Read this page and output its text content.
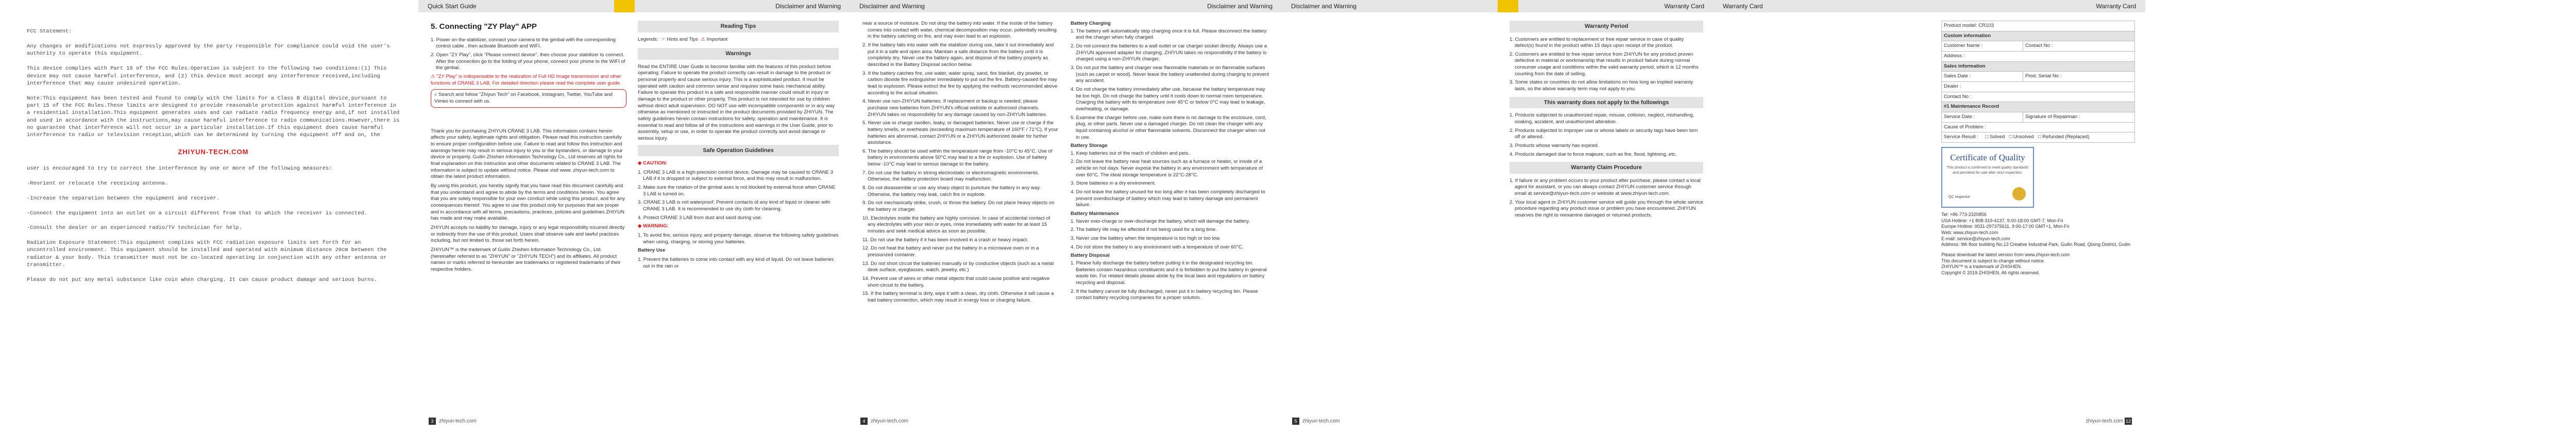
FCC Statement:

Any changes or modifications not expressly approved by the party responsible for compliance could void the user's authority to operate this equipment.

This device complies with Part 15 of the FCC Rules.Operation is subject to the following two conditions:(1) This device may not cause harmful interference, and (2) this device must accept any interference received,including interference that may cause undesired operation.

Note:This equipment has been tested and found to comply with the limits for a Class B digital device,pursuant to part 15 of the FCC Rules.These limits are designed to provide reasonable protection against harmful interference in a residential installation.This equipment generates uses and can radiate radio frequency energy and,if not installed and used in accordance with the instructions,may cause harmful interference to radio communications.However,there is no guarantee that interference will not occur in a particular installation.If this equipment does cause harmful interference to radio or television reception,which can be determined by turning the equipment off and on, the

ZHIYUN-TECH.COM

user is encouraged to try to correct the interference by one or more of the following measures:

-Reorient or relocate the receiving antenna.

-Increase the separation between the equipment and receiver.

-Connect the equipment into an outlet on a circuit different from that to which the receiver is connected.

-Consult the dealer or an experienced radio/TV technician for help.

Radiation Exposure Statement:This equipment complies with FCC radiation exposure limits set forth for an uncontrolled environment. This equipment should be installed and operated with minimum distance 20cm between the radiator & your body. This transmitter must not be co-located operating in conjunction with any other antenna or transmitter.

Please do not put any metal substance like coin when charging. It can cause product damage and serious burns.

Quick Start Guide	Disclaimer and Warning
5. Connecting "ZY Play" APP
1. Power on the stabilizer, connect your camera to the gimbal with the corresponding control cable , then activate Bluetooth and WIFI.
2. Open "ZY Play", click "Please connect device", then choose your stabilizer to connect. After the connection go to the folding of your phone, connect your phone to the WIFI of the gimbal.

⚠ "ZY Play" is indispensable to the realization of Full HD Image transmission and other functions of CRANE 3 LAB. For detailed direction please read the complete user guide.

⌕ Search and follow "Zhiyun Tech" on Facebook, Instagram, Twitter, YouTube and Vimeo to connect with us.

Thank you for purchasing ZHIYUN CRANE 3 LAB. This information contains herein affects your safety, legitimate rights and obligation. Please read this instruction carefully to ensure proper configuration before use. Failure to read and follow this instruction and warnings herein may result in serious injury to you or the bystanders, or damage to your device or property. Guilin Zhishen Information Technology Co., Ltd reserves all rights for final explanation on this instruction and other documents related to CRANE 3 LAB. The information is subject to update without notice. Please visit www. zhiyun-tech.com to obtain the latest product information.

By using this product, you hereby signify that you have read this document carefully and that you understand and agree to abide by the terms and conditions herein. You agree that you are solely responsible for your own conduct while using this product, and for any consequences thereof. You agree to use this product only for purposes that are proper and in accordance with all terms, precautions, practices, policies and guidelines ZHIYUN has made and may make available.

ZHIYUN accepts no liability for damage, injury or any legal responsibility incurred directly or indirectly from the use of this product. Users shall observe safe and lawful practices including, but not limited to, those set forth herein.

ZHIYUN™ is the trademark of Guilin Zhishen Information Technology Co., Ltd. (hereinafter referred to as "ZHIYUN" or "ZHIYUN TECH") and its affiliates. All product names or marks referred to hereunder are trademarks or registered trademarks of their respective holders.

Reading Tips
Legends: ☞ Hints and Tips ⚠ Important
Warnings

Read the ENTIRE User Guide to become familiar with the features of this product before operating. Failure to operate the product correctly can result in damage to the product or personal property and cause serious injury. This is a sophisticated product. It must be operated with caution and common sense and requires some basic mechanical ability. Failure to operate this product in a safe and responsible manner could result in injury or damage to the product or other property. This product is not intended for use by children without direct adult supervision. DO NOT use with incompatible components or in any way otherwise as mentioned or instructed in the product documents provided by ZHIYUN. The safety guidelines herein contain instructions for safety, operation and maintenance. It is essential to read and follow all of the instructions and warnings in the User Guide, prior to assembly, setup or use, in order to operate the product correctly and avoid damage or serious injury.

Safe Operation Guidelines

◆ CAUTION:

1. CRANE 3 LAB is a high-precision control device. Damage may be caused to CRANE 3 LAB if it is dropped or subject to external force, and this may result in malfunction.
2. Make sure the rotation of the gimbal axes is not blocked by external force when CRANE 3 LAB is turned on.
3. CRANE 3 LAB is not waterproof. Prevent contacts of any kind of liquid or cleaner with CRANE 3 LAB. It is recommended to use dry cloth for cleaning.
4. Protect CRANE 3 LAB from dust and sand during use.

◆ WARNING:

1. To avoid fire, serious injury, and property damage, observe the following safety guidelines when using, charging, or storing your batteries.

Battery Use

1. Prevent the batteries to come into contact with any kind of liquid. Do not leave batteries out in the rain or
3 zhiyun-tech.com
Disclaimer and Warning	Disclaimer and Warning
near a source of moisture. Do not drop the battery into water. If the inside of the battery comes into contact with water, chemical decomposition may occur, potentially resulting in the battery catching on fire, and may even lead to an explosion.
2. If the battery falls into water with the stabilizer during use, take it out immediately and put it in a safe and open area. Maintain a safe distance from the battery until it is completely dry. Never use the battery again, and dispose of the battery properly as described in the Battery Disposal section below.
3. If the battery catches fire, use water, water spray, sand, fire blanket, dry powder, or carbon dioxide fire extinguisher immediately to put out the fire. Battery-caused fire may lead to explosion. Please extinct the fire by applying the methods recommended above according to the actual situation.
4. Never use non-ZHIYUN batteries. If replacement or backup is needed, please purchase new batteries from ZHIYUN's official website or authorized channels. ZHIYUN takes no responsibility for any damage caused by non-ZHIYUN batteries.
5. Never use or charge swollen, leaky, or damaged batteries. Never use or charge if the battery smells, or overheats (exceeding maximum temperature of 160°F / 71°C). If your batteries are abnormal, contact ZHIYUN or a ZHIYUN authorized dealer for further assistance.
6. The battery should be used within the temperature range from -10°C to 45°C. Use of battery in environments above 50°C may lead to a fire or explosion. Use of battery below -10°C may lead to serious damage to the battery.
7. Do not use the battery in strong electrostatic or electromagnetic environments. Otherwise, the battery protection board may malfunction.
8. Do not disassemble or use any sharp object to puncture the battery in any way. Otherwise, the battery may leak, catch fire or explode.
9. Do not mechanically strike, crush, or throw the battery. Do not place heavy objects on the battery or charger.
10. Electrolytes inside the battery are highly corrosive. In case of accidental contact of any electrolytes with your skin or eyes, rinse immediately with water for at least 15 minutes and seek medical advice as soon as possible.
11. Do not use the battery if it has been involved in a crash or heavy impact.
12. Do not heat the battery and never put the battery in a microwave oven or in a pressurized container.
13. Do not short circuit the batteries manually or by conductive objects (such as a metal desk surface, eyeglasses, watch, jewelry, etc.)
14. Prevent use of wires or other metal objects that could cause positive and negative short-circuit to the battery.
15. If the battery terminal is dirty, wipe it with a clean, dry cloth. Otherwise it will cause a bad battery connection, which may result in energy loss or charging failure.

Battery Charging

1. The battery will automatically stop charging once it is full. Please disconnect the battery and the charger when fully charged.
2. Do not connect the batteries to a wall outlet or car charger socket directly. Always use a ZHIYUN approved adapter for charging. ZHIYUN takes no responsibility if the battery is charged using a non-ZHIYUN charger.
3. Do not put the battery and charger near flammable materials or on flammable surfaces (such as carpet or wood). Never leave the battery unattended during charging to prevent any accident.
4. Do not charge the battery immediately after use, because the battery temperature may be too high. Do not charge the battery until it cools down to normal room temperature. Charging the battery with its temperature over 45°C or below 0°C may lead to leakage, overheating, or damage.
5. Examine the charger before use, make sure there is no damage to the enclosure, cord, plug, or other parts. Never use a damaged charger. Do not clean the charger with any liquid containing alcohol or other flammable solvents. Disconnect the charger when not in use.

Battery Storage

1. Keep batteries out of the reach of children and pets.
2. Do not leave the battery near heat sources such as a furnace or heater, or inside of a vehicle on hot days. Never expose the battery in any environment with temperature of over 60°C. The ideal storage temperature is 22°C-28°C.
3. Store batteries in a dry environment.
4. Do not leave the battery unused for too long after it has been completely discharged to prevent overdischarge of battery which may lead to battery damage and permanent failure.

Battery Maintenance

1. Never over-charge or over-discharge the battery, which will damage the battery.
2. The battery life may be affected if not being used for a long time.
3. Never use the battery when the temperature is too high or too low.
4. Do not store the battery in any environment with a temperature of over 60°C.

Battery Disposal

1. Please fully discharge the battery before putting it in the designated recycling bin. Batteries contain hazardous constituents and it is forbidden to put the battery in general waste bin. For related details please abide by the local laws and regulations on battery recycling and disposal.
2. If the battery cannot be fully discharged, never put it in battery recycling bin. Please contact battery recycling companies for a proper solution.
4 zhiyun-tech.com
Disclaimer and Warning	Warranty Card
Warranty Period
1. Customers are entitled to replacement or free repair service in case of quality defect(s) found in the product within 15 days upon receipt of the product.
2. Customers are entitled to free repair service from ZHIYUN for any product proven defective in material or workmanship that results in product failure during normal consumer usage and conditions within the valid warranty period, which is 12 months counting from the date of selling.
3. Some states or countries do not allow limitations on how long an implied warranty lasts, so the above warranty term may not apply to you.
This warranty does not apply to the followings
1. Products subjected to unauthorized repair, misuse, collision, neglect, mishandling, soaking, accident, and unauthorized alteration.
2. Products subjected to improper use or whose labels or security tags have been torn off or altered.
3. Products whose warranty has expired.
4. Products damaged due to force majeure, such as fire, flood, lightning, etc.
Warranty Claim Procedure
1. If failure or any problem occurs to your product after purchase, please contact a local agent for assistant, or you can always contact ZHIYUN customer service through email at service@zhiyun-tech.com or website at www.zhiyun-tech.com.
2. Your local agent or ZHIYUN customer service will guide you through the whole service procedure regarding any product issue or problem you have encountered. ZHIYUN reserves the right to reexamine damaged or returned products.
5 zhiyun-tech.com
Warranty Card	Warranty Card
Product model: CR103	
Custom information	
Customer Name :	Contact No :
Address :	
Sales information	
Sales Date :	Prod. Serial No :
Dealer :	
Contact No :	
#1 Maintenance Record	
Service Date :	Signature of Repairman :
Cause of Problem :	
Service Result : □ Solved □ Unsolved □ Refunded (Replaced)	
Certificate of Quality
This product is confirmed to meet quality standards and permitted for sale after strict inspection.
QC Inspector:
Tel: +86-773-2320856
USA Hotline: +1 808-319-4137, 9:00-18:00 GMT-7, Mon-Fri
Europe Hotline: 0031-297375611, 9:00-17:00 GMT+1, Mon-Fri
Web: www.zhiyun-tech.com
E-mail: service@zhiyun-tech.com
Address: 9th floor building No.13 Creative Industrial Park, Guilin Road, Qixing District, Guilin
Please download the latest version from www.zhiyun-tech.com
This document is subject to change without notice.
ZHIYUN™ is a trademark of ZHISHEN.
Copyright © 2019 ZHISHEN. All rights reserved.
zhiyun-tech.com 12
